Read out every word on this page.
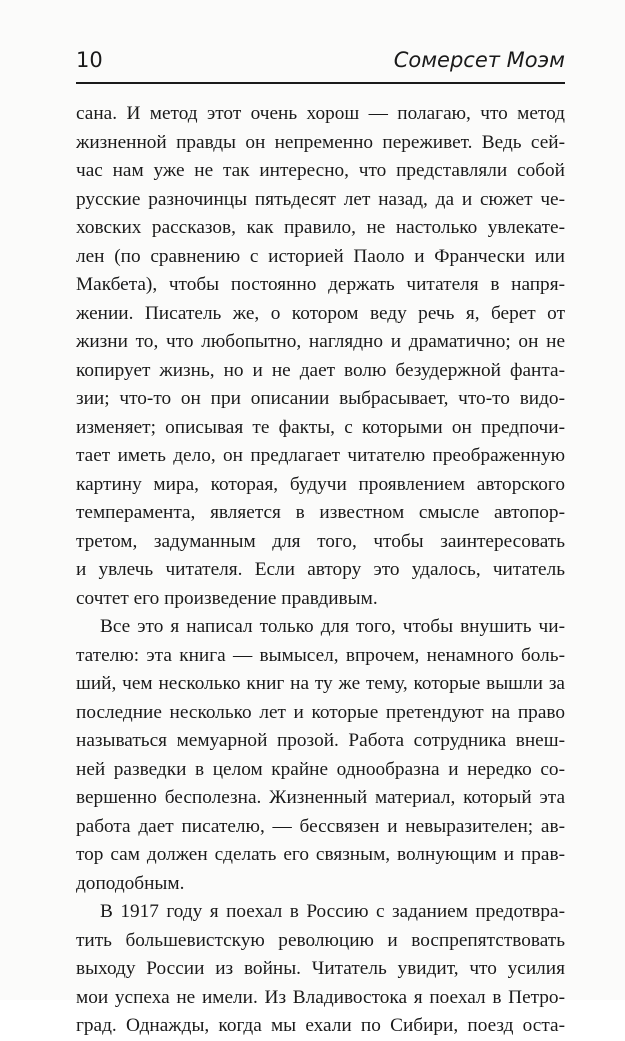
10	Сомерсет Моэм
сана. И метод этот очень хорош — полагаю, что метод
жизненной правды он непременно переживет. Ведь сей-
час нам уже не так интересно, что представляли собой
русские разночинцы пятьдесят лет назад, да и сюжет че-
ховских рассказов, как правило, не настолько увлекате-
лен (по сравнению с историей Паоло и Франчески или
Макбета), чтобы постоянно держать читателя в напря-
жении. Писатель же, о котором веду речь я, берет от
жизни то, что любопытно, наглядно и драматично; он не
копирует жизнь, но и не дает волю безудержной фанта-
зии; что-то он при описании выбрасывает, что-то видо-
изменяет; описывая те факты, с которыми он предпочи-
тает иметь дело, он предлагает читателю преображенную
картину мира, которая, будучи проявлением авторского
темперамента, является в известном смысле автопор-
третом, задуманным для того, чтобы заинтересовать
и увлечь читателя. Если автору это удалось, читатель
сочтет его произведение правдивым.
Все это я написал только для того, чтобы внушить чи-
тателю: эта книга — вымысел, впрочем, ненамного боль-
ший, чем несколько книг на ту же тему, которые вышли за
последние несколько лет и которые претендуют на право
называться мемуарной прозой. Работа сотрудника внеш-
ней разведки в целом крайне однообразна и нередко со-
вершенно бесполезна. Жизненный материал, который эта
работа дает писателю, — бессвязен и невыразителен; ав-
тор сам должен сделать его связным, волнующим и прав-
доподобным.
В 1917 году я поехал в Россию с заданием предотвра-
тить большевистскую революцию и воспрепятствовать
выходу России из войны. Читатель увидит, что усилия
мои успеха не имели. Из Владивостока я поехал в Петро-
град. Однажды, когда мы ехали по Сибири, поезд оста-
